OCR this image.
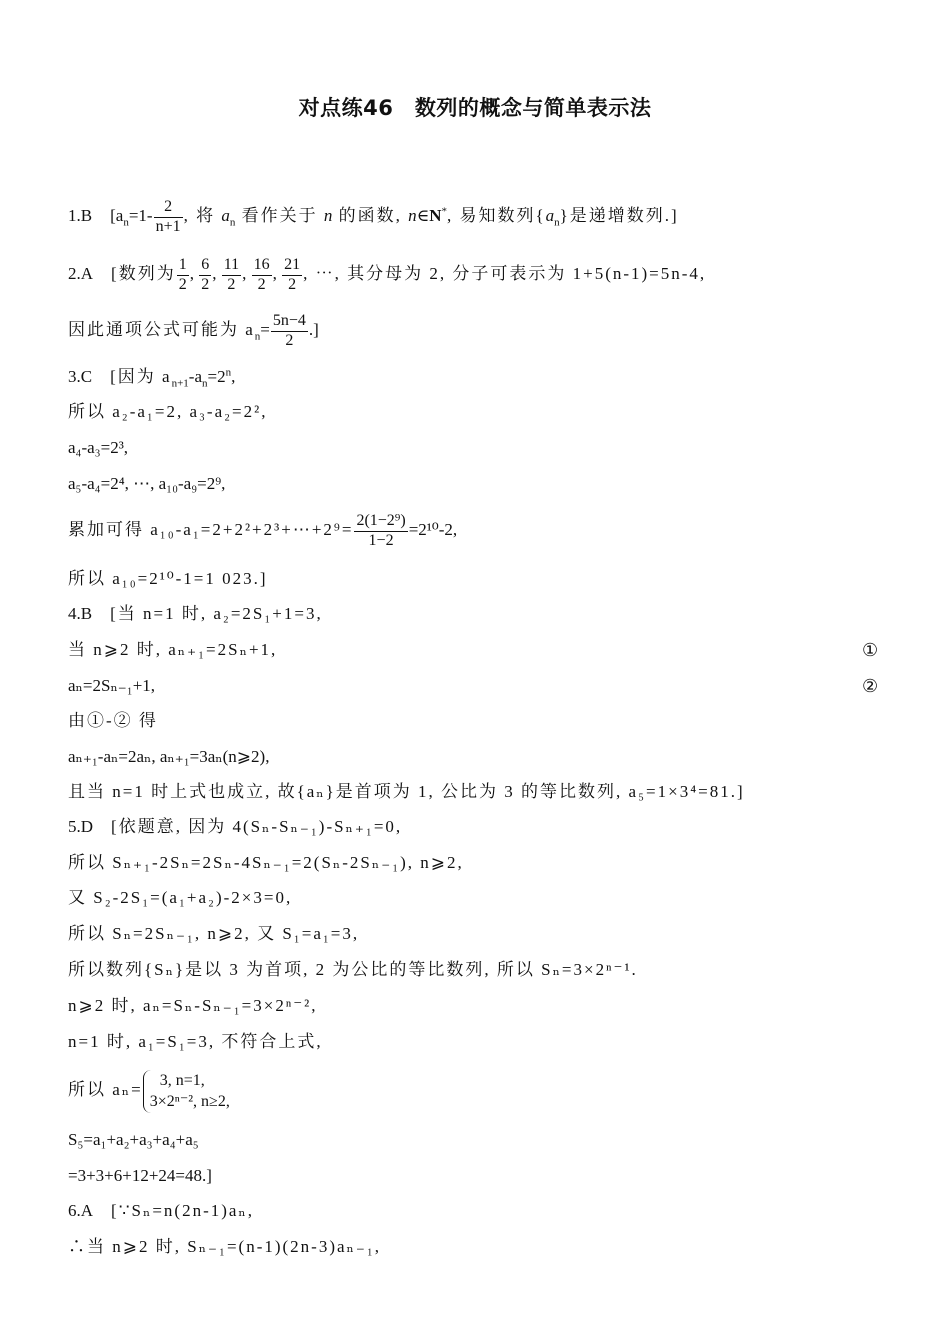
对点练46　数列的概念与简单表示法
1.B [$a_n=1- \frac{2}{n+1}$ , 将 $a_n$ 看作关于 n 的函数, n∈N*, 易知数列$\{a_n\}$是递增数列.]
2.A [数列为 $\frac{1}{2}$ , $\frac{6}{2}$ , $\frac{11}{2}$ , $\frac{16}{2}$ , $\frac{21}{2}$ , ⋯, 其分母为 2, 分子可表示为 1+5(n-1)=5n-4,
因此通项公式可能为 $a_n= \frac{5n-4}{2}$ .]
3.C [因为 $a_{n+1}-a_n=2^n$,
所以 a₂-a₁=2, a₃-a₂=2²,
a₄-a₃=2³,
a₅-a₄=2⁴, ⋯, a₁₀-a₉=2⁹,
累加可得 a₁₀-a₁=2+2²+2³+⋯+2⁹= $\frac{\text{2(1−2⁹)}}{1-2} =2^{10}-2$,
所以 a₁₀=2¹⁰-1=1 023.]
4.B [当 n=1 时, a₂=2S₁+1=3,
当 n⩾2 时, aₙ₊₁=2Sₙ+1,	①
aₙ=2Sₙ₋₁+1,	②
由①-② 得
aₙ₊₁-aₙ=2aₙ, aₙ₊₁=3aₙ(n⩾2),
且当 n=1 时上式也成立, 故{aₙ}是首项为 1, 公比为 3 的等比数列, a₅=1×3⁴=81.]
5.D [依题意, 因为 4(Sₙ-Sₙ₋₁)-Sₙ₊₁=0,
所以 Sₙ₊₁-2Sₙ=2Sₙ-4Sₙ₋₁=2(Sₙ-2Sₙ₋₁), n⩾2,
又 S₂-2S₁=(a₁+a₂)-2×3=0,
所以 Sₙ=2Sₙ₋₁, n⩾2, 又 S₁=a₁=3,
所以数列{Sₙ}是以 3 为首项, 2 为公比的等比数列, 所以 Sₙ=3×2ⁿ⁻¹.
n⩾2 时, aₙ=Sₙ-Sₙ₋₁=3×2ⁿ⁻²,
n=1 时, a₁=S₁=3, 不符合上式,
所以 aₙ=	3, n=1,
3×2ⁿ⁻², n≥2,
S₅=a₁+a₂+a₃+a₄+a₅
=3+3+6+12+24=48.]
6.A [∵Sₙ=n(2n-1)aₙ,
∴当 n⩾2 时, Sₙ₋₁=(n-1)(2n-3)aₙ₋₁,
